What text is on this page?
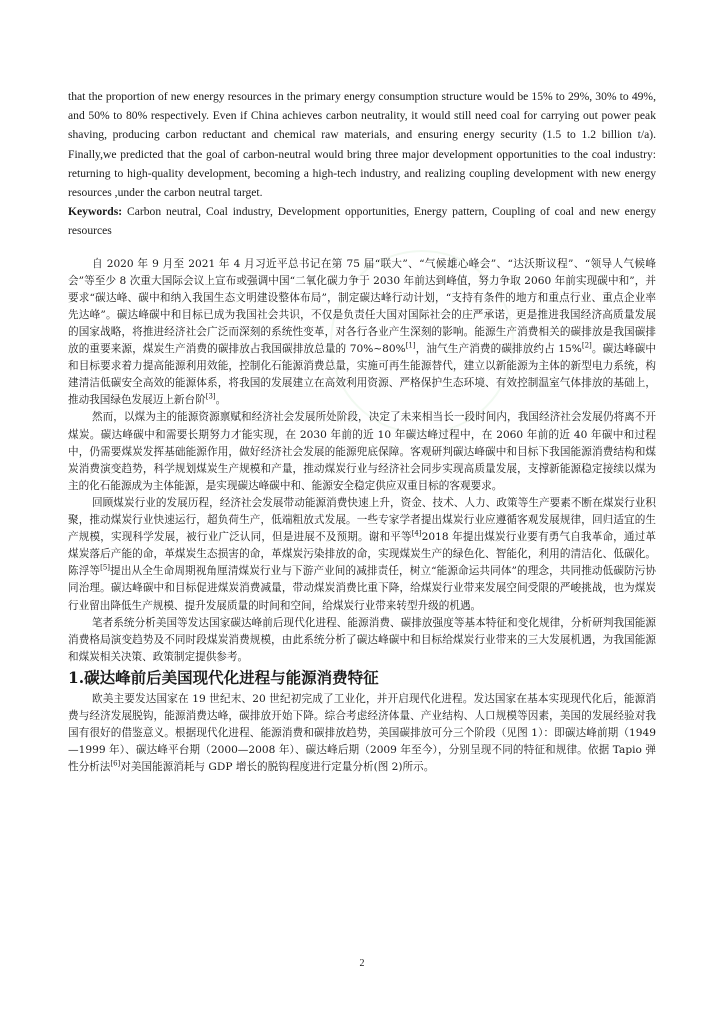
that the proportion of new energy resources in the primary energy consumption structure would be 15% to 29%, 30% to 49%, and 50% to 80% respectively. Even if China achieves carbon neutrality, it would still need coal for carrying out power peak shaving, producing carbon reductant and chemical raw materials, and ensuring energy security (1.5 to 1.2 billion t/a). Finally,we predicted that the goal of carbon-neutral would bring three major development opportunities to the coal industry: returning to high-quality development, becoming a high-tech industry, and realizing coupling development with new energy resources ,under the carbon neutral target.
Keywords: Carbon neutral, Coal industry, Development opportunities, Energy pattern, Coupling of coal and new energy resources

自 2020 年 9 月至 2021 年 4 月习近平总书记在第 75 届“联大”、“气候雄心峰会”、“达沃斯议程”、“领导人气候峰会”等至少 8 次重大国际会议上宣布或强调中国“二氧化碳力争于 2030 年前达到峰值，努力争取 2060 年前实现碳中和”，并要求“碳达峰、碳中和纳入我国生态文明建设整体布局”，制定碳达峰行动计划，“支持有条件的地方和重点行业、重点企业率先达峰”。碳达峰碳中和目标已成为我国社会共识，不仅是负责任大国对国际社会的庄严承诺，更是推进我国经济高质量发展的国家战略，将推进经济社会广泛而深刻的系统性变革，对各行各业产生深刻的影响。能源生产消费相关的碳排放是我国碳排放的重要来源，煤炭生产消费的碳排放占我国碳排放总量的 70%~80%[1]，油气生产消费的碳排放约占 15%[2]。碳达峰碳中和目标要求着力提高能源利用效能，控制化石能源消费总量，实施可再生能源替代，建立以新能源为主体的新型电力系统，构建清洁低碳安全高效的能源体系，将我国的发展建立在高效利用资源、严格保护生态环境、有效控制温室气体排放的基础上，推动我国绿色发展迈上新台阶[3]。

然而，以煤为主的能源资源禀赋和经济社会发展所处阶段，决定了未来相当长一段时间内，我国经济社会发展仍将离不开煤炭。碳达峰碳中和需要长期努力才能实现，在 2030 年前的近 10 年碳达峰过程中，在 2060 年前的近 40 年碳中和过程中，仍需要煤炭发挥基础能源作用，做好经济社会发展的能源兜底保障。客观研判碳达峰碳中和目标下我国能源消费结构和煤炭消费演变趋势，科学规划煤炭生产规模和产量，推动煤炭行业与经济社会同步实现高质量发展，支撑新能源稳定接续以煤为主的化石能源成为主体能源，是实现碳达峰碳中和、能源安全稳定供应双重目标的客观要求。

回顾煤炭行业的发展历程，经济社会发展带动能源消费快速上升，资金、技术、人力、政策等生产要素不断在煤炭行业积聚，推动煤炭行业快速运行，超负荷生产，低端粗放式发展。一些专家学者提出煤炭行业应遵循客观发展规律，回归适宜的生产规模，实现科学发展，被行业广泛认同，但是进展不及预期。谢和平等[4]2018 年提出煤炭行业要有勇气自我革命，通过革煤炭落后产能的命，革煤炭生态损害的命，革煤炭污染排放的命，实现煤炭生产的绿色化、智能化，利用的清洁化、低碳化。陈浮等[5]提出从全生命周期视角厘清煤炭行业与下游产业间的减排责任，树立“能源命运共同体”的理念，共同推动低碳防污协同治理。碳达峰碳中和目标促进煤炭消费减量，带动煤炭消费比重下降，给煤炭行业带来发展空间受限的严峻挑战，也为煤炭行业留出降低生产规模、提升发展质量的时间和空间，给煤炭行业带来转型升级的机遇。

笔者系统分析美国等发达国家碳达峰前后现代化进程、能源消费、碳排放强度等基本特征和变化规律，分析研判我国能源消费格局演变趋势及不同时段煤炭消费规模，由此系统分析了碳达峰碳中和目标给煤炭行业带来的三大发展机遇，为我国能源和煤炭相关决策、政策制定提供参考。

1.碳达峰前后美国现代化进程与能源消费特征

欧美主要发达国家在 19 世纪末、20 世纪初完成了工业化，并开启现代化进程。发达国家在基本实现现代化后，能源消费与经济发展脱钩，能源消费达峰，碳排放开始下降。综合考虑经济体量、产业结构、人口规模等因素，美国的发展经验对我国有很好的借鉴意义。根据现代化进程、能源消费和碳排放趋势，美国碳排放可分三个阶段（见图 1）：即碳达峰前期（1949—1999 年）、碳达峰平台期（2000—2008 年）、碳达峰后期（2009 年至今），分别呈现不同的特征和规律。依据 Tapio 弹性分析法[6]对美国能源消耗与 GDP 增长的脱钩程度进行定量分析(图 2)所示。

2
